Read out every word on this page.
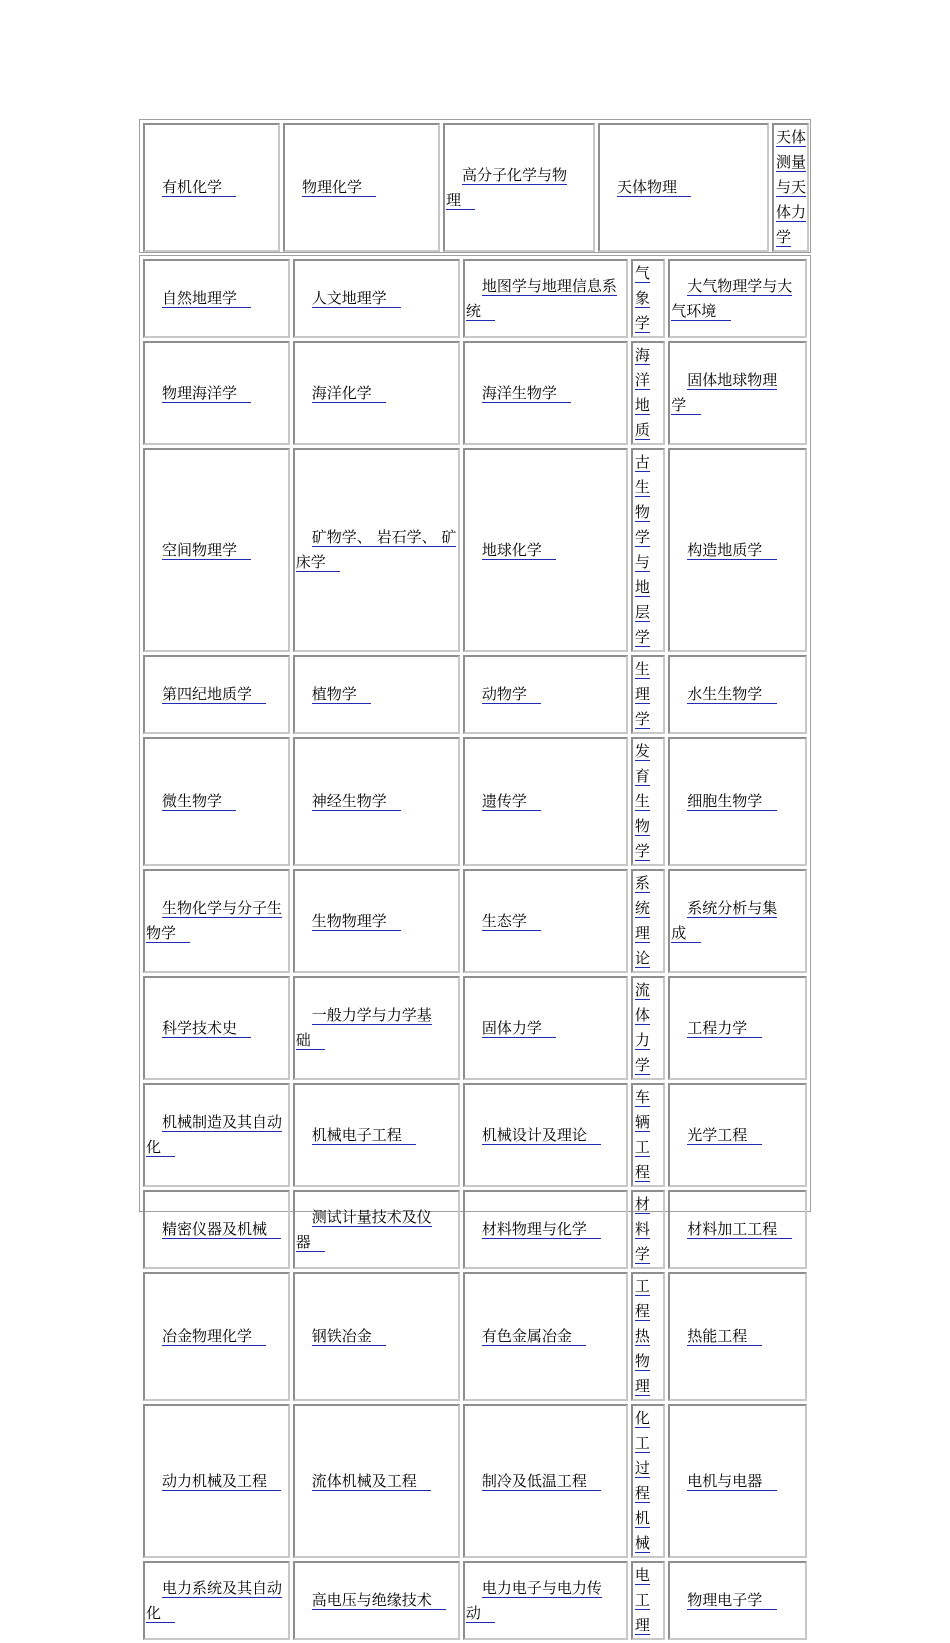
有机化学	物理化学	高分子化学与物理	天体物理	天体测量与天体力学
自然地理学	人文地理学	地图学与地理信息系统	气象学	大气物理学与大气环境
物理海洋学	海洋化学	海洋生物学	海洋地质	固体地球物理学
空间物理学	矿物学、 岩石学、 矿床学	地球化学	古生物学与地层学	构造地质学
第四纪地质学	植物学	动物学	生理学	水生生物学
微生物学	神经生物学	遗传学	发育生物学	细胞生物学
生物化学与分子生物学	生物物理学	生态学	系统理论	系统分析与集成
科学技术史	一般力学与力学基础	固体力学	流体力学	工程力学
机械制造及其自动化	机械电子工程	机械设计及理论	车辆工程	光学工程
精密仪器及机械	测试计量技术及仪器	材料物理与化学	材料学	材料加工工程
冶金物理化学	钢铁冶金	有色金属冶金	工程热物理	热能工程
动力机械及工程	流体机械及工程	制冷及低温工程	化工过程机械	电机与电器
电力系统及其自动化	高电压与绝缘技术	电力电子与电力传动	电工理	物理电子学
